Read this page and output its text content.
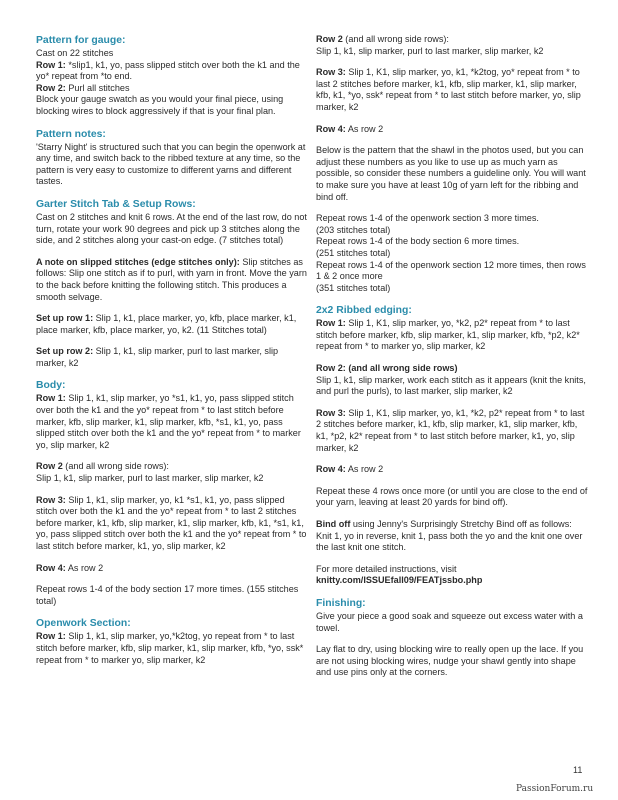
Pattern for gauge:

Cast on 22 stitches

Row 1: *slip1, k1, yo, pass slipped stitch over both the k1 and the yo* repeat from *to end.

Row 2: Purl all stitches

Block your gauge swatch as you would your final piece, using blocking wires to block aggressively if that is your final plan.

Pattern notes:

'Starry Night' is structured such that you can begin the openwork at any time, and switch back to the ribbed texture at any time, so the pattern is very easy to customize to different yarns and different tastes.

Garter Stitch Tab & Setup Rows:

Cast on 2 stitches and knit 6 rows. At the end of the last row, do not turn, rotate your work 90 degrees and pick up 3 stitches along the side, and 2 stitches along your cast-on edge. (7 stitches total)

A note on slipped stitches (edge stitches only): Slip stitches as follows: Slip one stitch as if to purl, with yarn in front. Move the yarn to the back before knitting the following stitch. This produces a smooth selvage.

Set up row 1: Slip 1, k1, place marker, yo, kfb, place marker, k1, place marker, kfb, place marker, yo, k2. (11 Stitches total)

Set up row 2: Slip 1, k1, slip marker, purl to last marker, slip marker, k2

Body:

Row 1: Slip 1, k1, slip marker, yo *s1, k1, yo, pass slipped stitch over both the k1 and the yo* repeat from * to last stitch before marker, kfb, slip marker, k1, slip marker, kfb, *s1, k1, yo, pass slipped stitch over both the k1 and the yo* repeat from * to marker yo, slip marker, k2

Row 2 (and all wrong side rows):

Slip 1, k1, slip marker, purl to last marker, slip marker, k2

Row 3: Slip 1, k1, slip marker, yo, k1 *s1, k1, yo, pass slipped stitch over both the k1 and the yo* repeat from * to last 2 stitches before marker, k1, kfb, slip marker, k1, slip marker, kfb, k1, *s1, k1, yo, pass slipped stitch over both the k1 and the yo* repeat from * to last stitch before marker, k1, yo, slip marker, k2

Row 4: As row 2

Repeat rows 1-4 of the body section 17 more times. (155 stitches total)

Openwork Section:

Row 1: Slip 1, k1, slip marker, yo,*k2tog, yo repeat from * to last stitch before marker, kfb, slip marker, k1, slip marker, kfb, *yo, ssk* repeat from * to marker yo, slip marker, k2

Row 2 (and all wrong side rows):

Slip 1, k1, slip marker, purl to last marker, slip marker, k2

Row 3: Slip 1, K1, slip marker, yo, k1, *k2tog, yo* repeat from * to last 2 stitches before marker, k1, kfb, slip marker, k1, slip marker, kfb, k1, *yo, ssk* repeat from * to last stitch before marker, yo, slip marker, k2

Row 4: As row 2

Below is the pattern that the shawl in the photos used, but you can adjust these numbers as you like to use up as much yarn as possible, so consider these numbers a guideline only. You will want to make sure you have at least 10g of yarn left for the ribbing and bind off.

Repeat rows 1-4 of the openwork section 3 more times.

(203 stitches total)

Repeat rows 1-4 of the body section 6 more times.

(251 stitches total)

Repeat rows 1-4 of the openwork section 12 more times, then rows 1 & 2 once more

(351 stitches total)

2x2 Ribbed edging:

Row 1: Slip 1, K1, slip marker, yo, *k2, p2* repeat from * to last stitch before marker, kfb, slip marker, k1, slip marker, kfb, *p2, k2* repeat from * to marker yo, slip marker, k2

Row 2: (and all wrong side rows)

Slip 1, k1, slip marker, work each stitch as it appears (knit the knits, and purl the purls), to last marker, slip marker, k2

Row 3: Slip 1, K1, slip marker, yo, k1, *k2, p2* repeat from * to last 2 stitches before marker, k1, kfb, slip marker, k1, slip marker, kfb, k1, *p2, k2* repeat from * to last stitch before marker, k1, yo, slip marker, k2

Row 4: As row 2

Repeat these 4 rows once more (or until you are close to the end of your yarn, leaving at least 20 yards for bind off).

Bind off using Jenny's Surprisingly Stretchy Bind off as follows: Knit 1, yo in reverse, knit 1, pass both the yo and the knit one over the last knit one stitch.

For more detailed instructions, visit

knitty.com/ISSUEfall09/FEATjssbo.php

Finishing:

Give your piece a good soak and squeeze out excess water with a towel.

Lay flat to dry, using blocking wire to really open up the lace. If you are not using blocking wires, nudge your shawl gently into shape and use pins only at the corners.

11
PassionForum.ru
